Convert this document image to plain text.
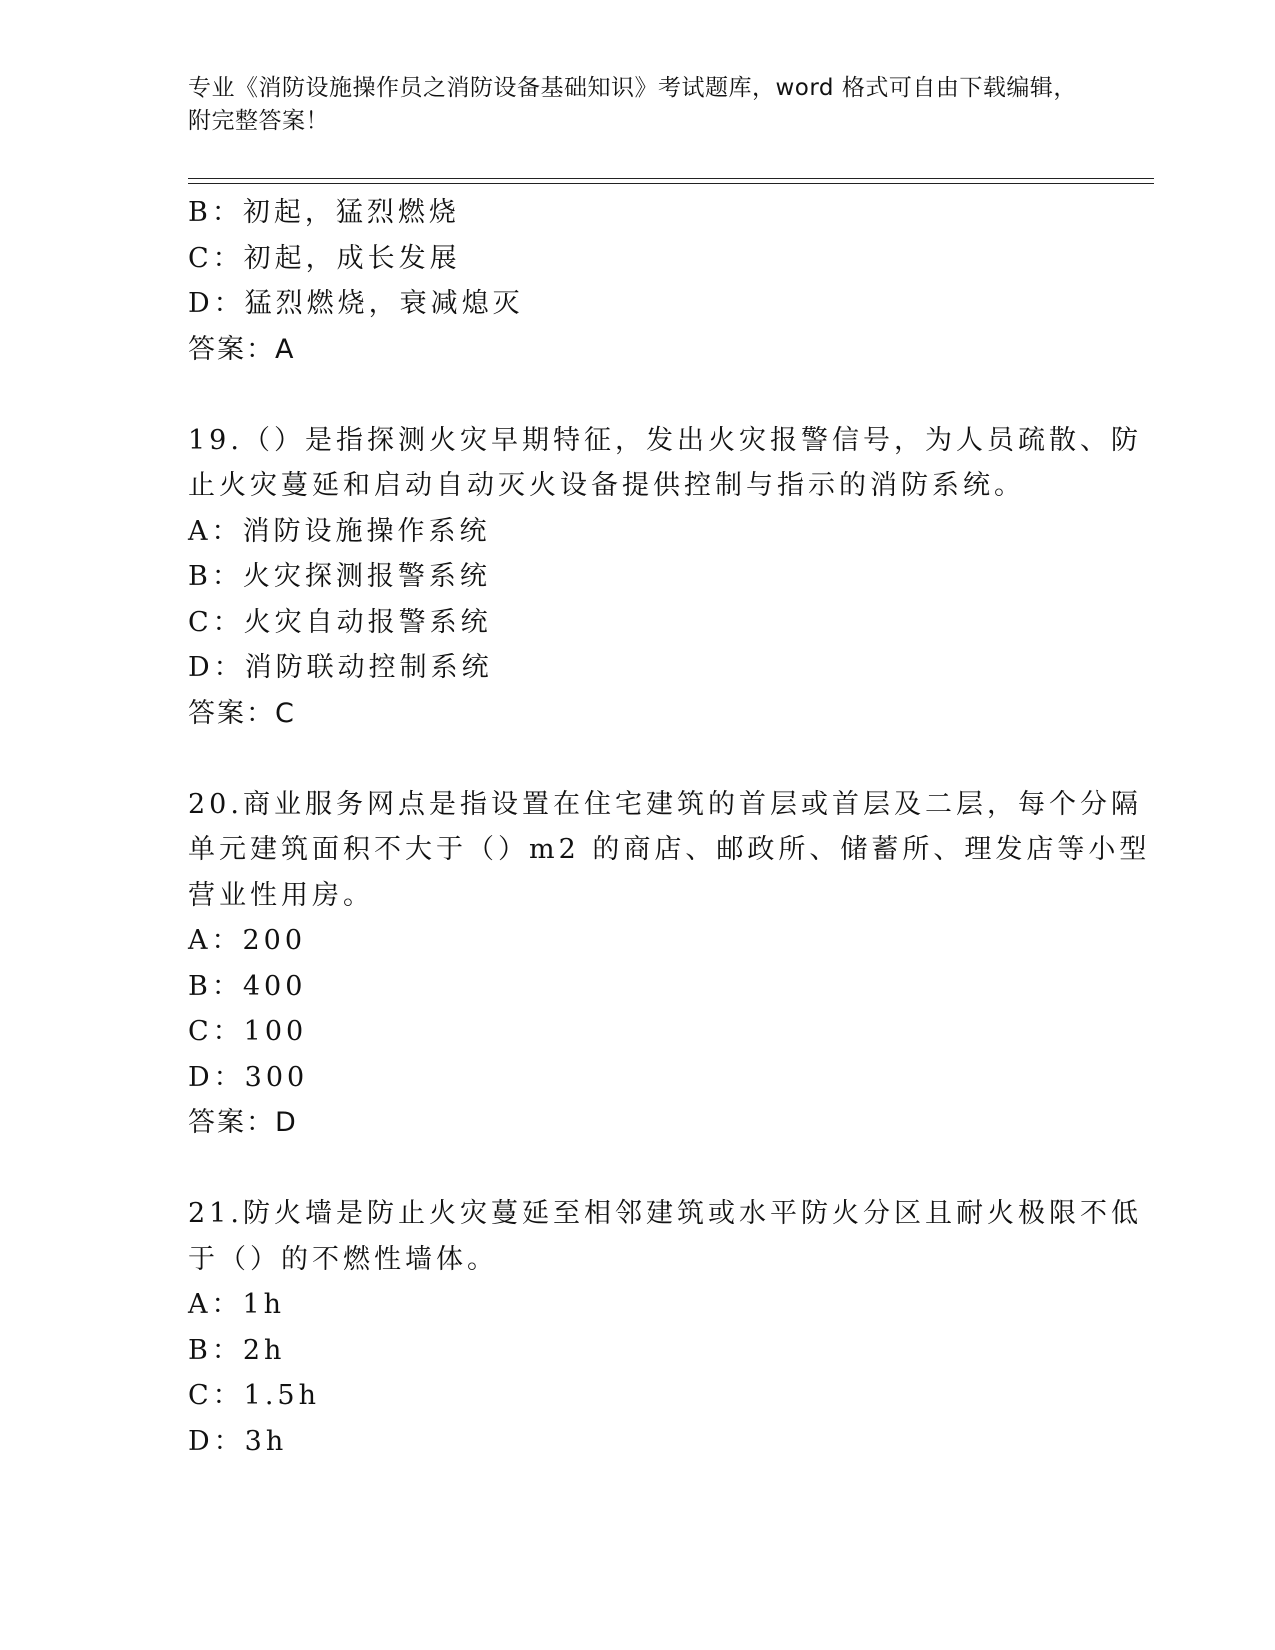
专业《消防设施操作员之消防设备基础知识》考试题库，word 格式可自由下载编辑，附完整答案！
B：初起，猛烈燃烧
C：初起，成长发展
D：猛烈燃烧，衰减熄灭
答案：A
19.（）是指探测火灾早期特征，发出火灾报警信号，为人员疏散、防
止火灾蔓延和启动自动灭火设备提供控制与指示的消防系统。
A：消防设施操作系统
B：火灾探测报警系统
C：火灾自动报警系统
D：消防联动控制系统
答案：C
20.商业服务网点是指设置在住宅建筑的首层或首层及二层，每个分隔
单元建筑面积不大于（）m2 的商店、邮政所、储蓄所、理发店等小型
营业性用房。
A：200
B：400
C：100
D：300
答案：D
21.防火墙是防止火灾蔓延至相邻建筑或水平防火分区且耐火极限不低
于（）的不燃性墙体。
A：1h
B：2h
C：1.5h
D：3h
